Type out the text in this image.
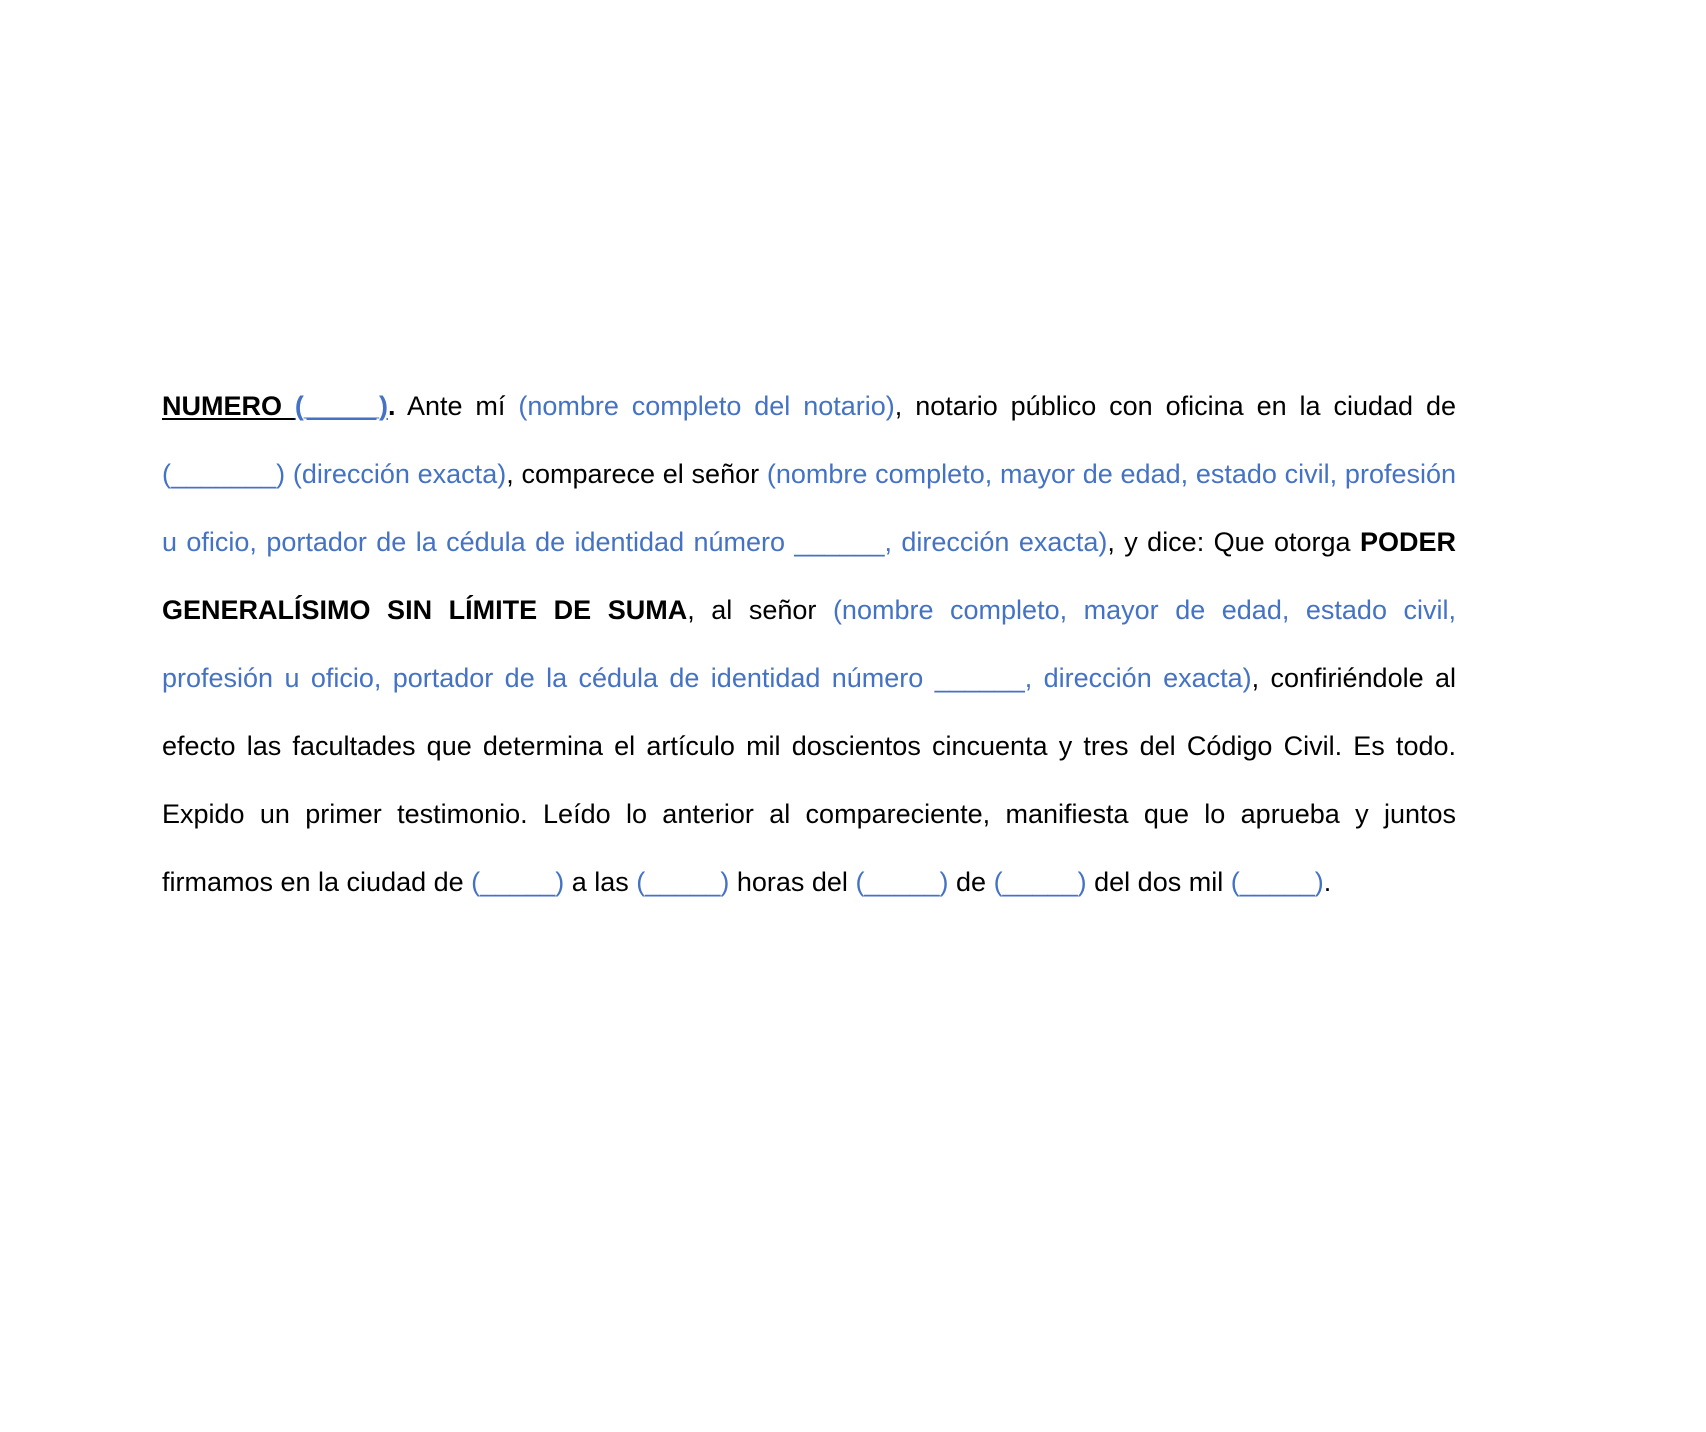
NUMERO (_____). Ante mí (nombre completo del notario), notario público con oficina en la ciudad de (_______) (dirección exacta), comparece el señor (nombre completo, mayor de edad, estado civil, profesión u oficio, portador de la cédula de identidad número ______, dirección exacta), y dice: Que otorga PODER GENERALÍSIMO SIN LÍMITE DE SUMA, al señor (nombre completo, mayor de edad, estado civil, profesión u oficio, portador de la cédula de identidad número ______, dirección exacta), confiriéndole al efecto las facultades que determina el artículo mil doscientos cincuenta y tres del Código Civil. Es todo. Expido un primer testimonio. Leído lo anterior al compareciente, manifiesta que lo aprueba y juntos firmamos en la ciudad de (_____) a las (_____) horas del (_____) de (_____) del dos mil (_____).
